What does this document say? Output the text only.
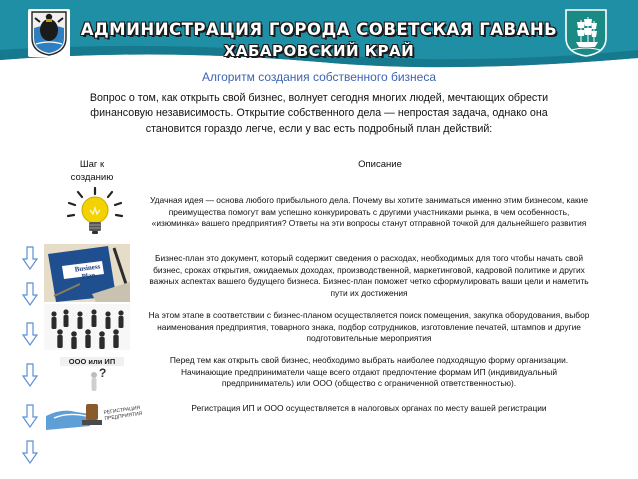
АДМИНИСТРАЦИЯ ГОРОДА СОВЕТСКАЯ ГАВАНЬ
ХАБАРОВСКИЙ КРАЙ
Алгоритм создания собственного бизнеса
Вопрос о том, как открыть свой бизнес, волнует сегодня многих людей, мечтающих обрести финансовую независимость. Открытие собственного дела — непростая задача, однако она становится гораздо легче, если у вас есть подробный план действий:
Шаг к созданию
Описание
Business Plan
ООО или ИП
?
РЕГИСТРАЦИЯ ПРЕДПРИЯТИЯ
Удачная идея — основа любого прибыльного дела. Почему вы хотите заниматься именно этим бизнесом, какие преимущества помогут вам успешно конкурировать с другими участниками рынка, в чем особенность, «изюминка» вашего предприятия? Ответы на эти вопросы станут отправной точкой для дальнейшего развития
Бизнес-план это документ, который содержит сведения о расходах, необходимых для того чтобы начать свой бизнес, сроках открытия, ожидаемых доходах, производственной, маркетинговой, кадровой политике и других важных аспектах вашего будущего бизнеса. Бизнес-план поможет четко сформулировать ваши цели и наметить пути их достижения
На этом этапе в соответствии с бизнес-планом осуществляется поиск помещения, закупка оборудования, выбор наименования предприятия, товарного знака, подбор сотрудников, изготовление печатей, штампов и другие подготовительные мероприятия
Перед тем как открыть свой бизнес, необходимо выбрать наиболее подходящую форму организации. Начинающие предприниматели чаще всего отдают предпочтение формам ИП (индивидуальный предприниматель) или ООО (общество с ограниченной ответственностью).
Регистрация ИП и ООО осуществляется в налоговых органах по месту вашей регистрации
